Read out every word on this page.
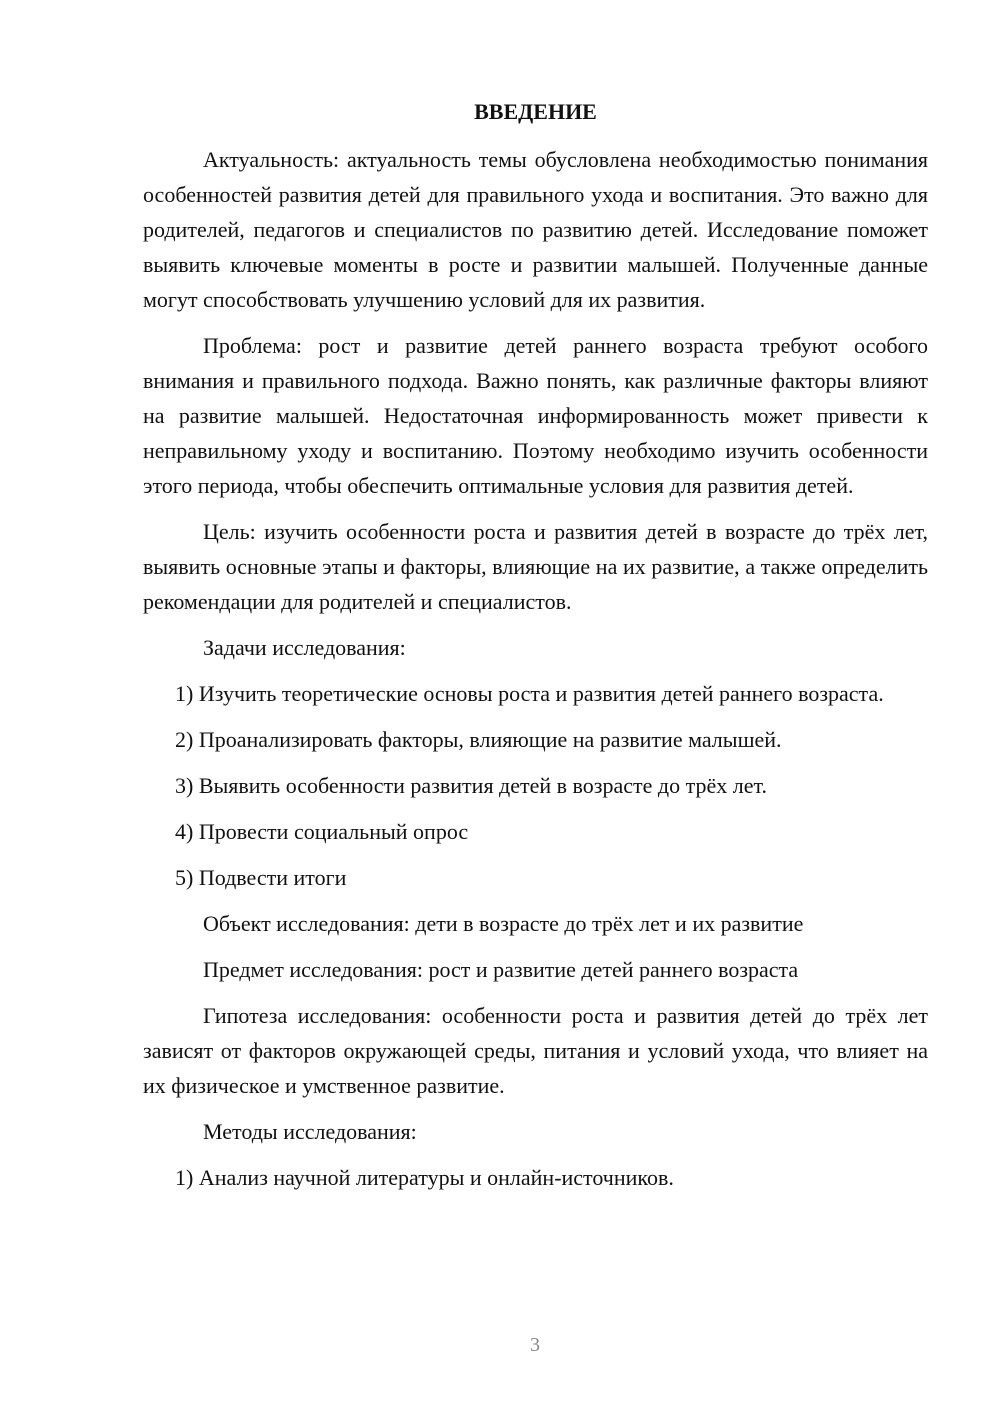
ВВЕДЕНИЕ

Актуальность: актуальность темы обусловлена необходимостью понимания особенностей развития детей для правильного ухода и воспитания. Это важно для родителей, педагогов и специалистов по развитию детей. Исследование поможет выявить ключевые моменты в росте и развитии малышей. Полученные данные могут способствовать улучшению условий для их развития.

Проблема: рост и развитие детей раннего возраста требуют особого внимания и правильного подхода. Важно понять, как различные факторы влияют на развитие малышей. Недостаточная информированность может привести к неправильному уходу и воспитанию. Поэтому необходимо изучить особенности этого периода, чтобы обеспечить оптимальные условия для развития детей.

Цель: изучить особенности роста и развития детей в возрасте до трёх лет, выявить основные этапы и факторы, влияющие на их развитие, а также определить рекомендации для родителей и специалистов.

Задачи исследования:

1) Изучить теоретические основы роста и развития детей раннего возраста.

2) Проанализировать факторы, влияющие на развитие малышей.

3) Выявить особенности развития детей в возрасте до трёх лет.

4) Провести социальный опрос

5) Подвести итоги

Объект исследования: дети в возрасте до трёх лет и их развитие

Предмет исследования: рост и развитие детей раннего возраста

Гипотеза исследования: особенности роста и развития детей до трёх лет зависят от факторов окружающей среды, питания и условий ухода, что влияет на их физическое и умственное развитие.

Методы исследования:

1) Анализ научной литературы и онлайн-источников.

3
